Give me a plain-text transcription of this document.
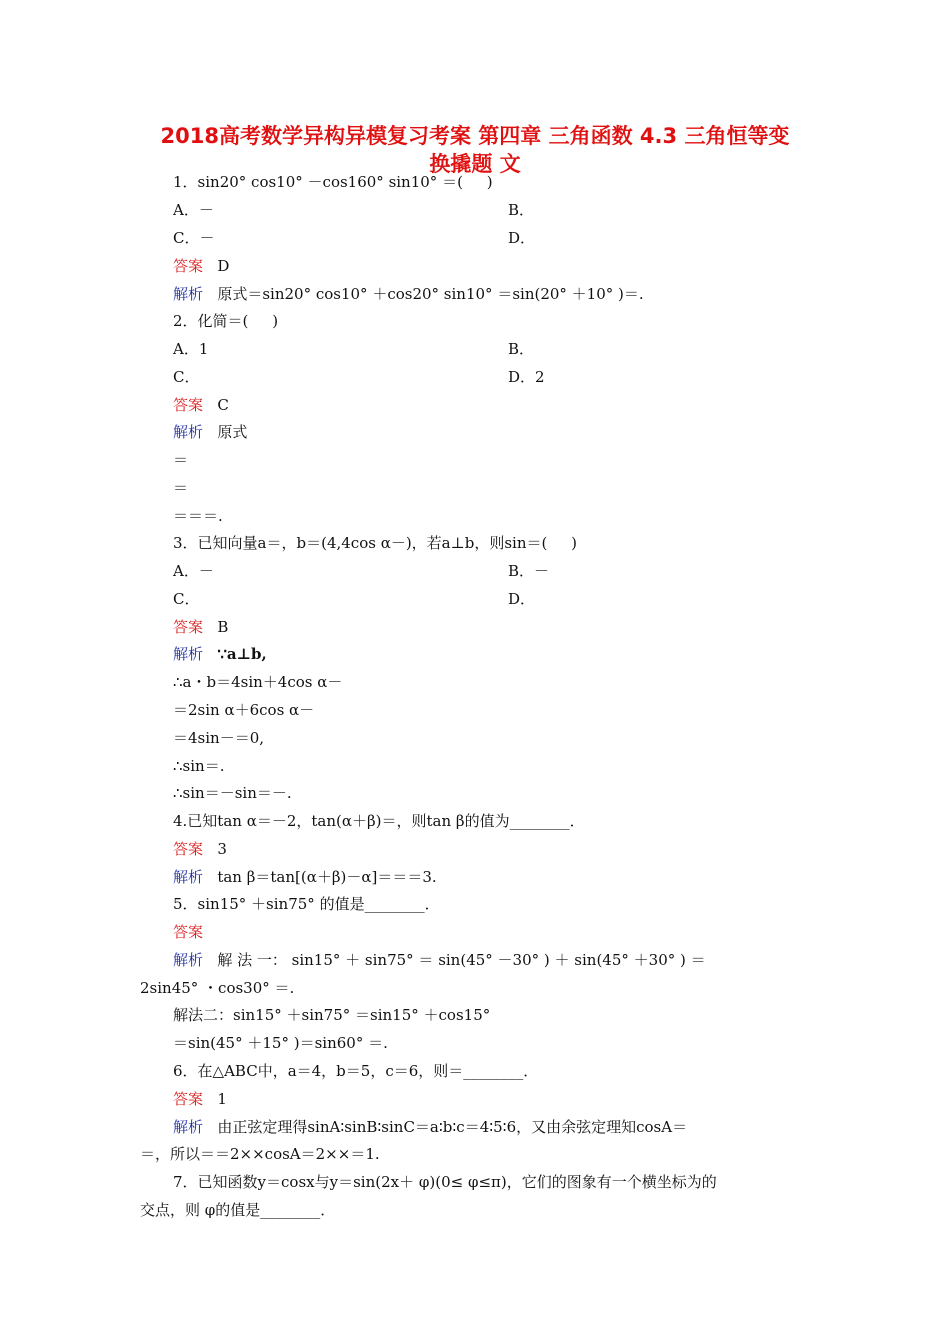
2018高考数学异构异模复习考案 第四章 三角函数 4.3 三角恒等变
换撬题 文
1．sin20° cos10° －cos160° sin10° ＝(     )
A．－	B．
C．－	D．
答案 D
解析 原式＝sin20° cos10° ＋cos20° sin10° ＝sin(20° ＋10° )＝.
2．化简＝(     )
A．1	B．
C．	D．2
答案 C
解析 原式
＝
＝
＝＝＝.
3．已知向量a＝，b＝(4,4cos α－)，若a⊥b，则sin＝(     )
A．－	B．－
C．	D．
答案 B
解析 ∵a⊥b,
∴a・b＝4sin＋4cos α－
＝2sin α＋6cos α－
＝4sin－＝0,
∴sin＝.
∴sin＝－sin＝－.
4.已知tan α＝－2，tan(α＋β)＝，则tan β的值为________．
答案 3
解析 tan β＝tan[(α＋β)－α]＝＝＝3.
5．sin15° ＋sin75° 的值是________．
答案
解析 解 法 一： sin15° ＋ sin75° ＝ sin(45° －30° ) ＋ sin(45° ＋30° ) ＝
2sin45° ・cos30° ＝.
解法二：sin15° ＋sin75° ＝sin15° ＋cos15°
＝sin(45° ＋15° )＝sin60° ＝.
6．在△ABC中，a＝4，b＝5，c＝6，则＝________．
答案 1
解析 由正弦定理得sinA∶sinB∶sinC＝a∶b∶c＝4∶5∶6，又由余弦定理知cosA＝
＝，所以＝＝2××cosA＝2××＝1.
7．已知函数y＝cosx与y＝sin(2x＋ φ)(0≤ φ≤π)，它们的图象有一个横坐标为的
交点，则 φ的值是________．
